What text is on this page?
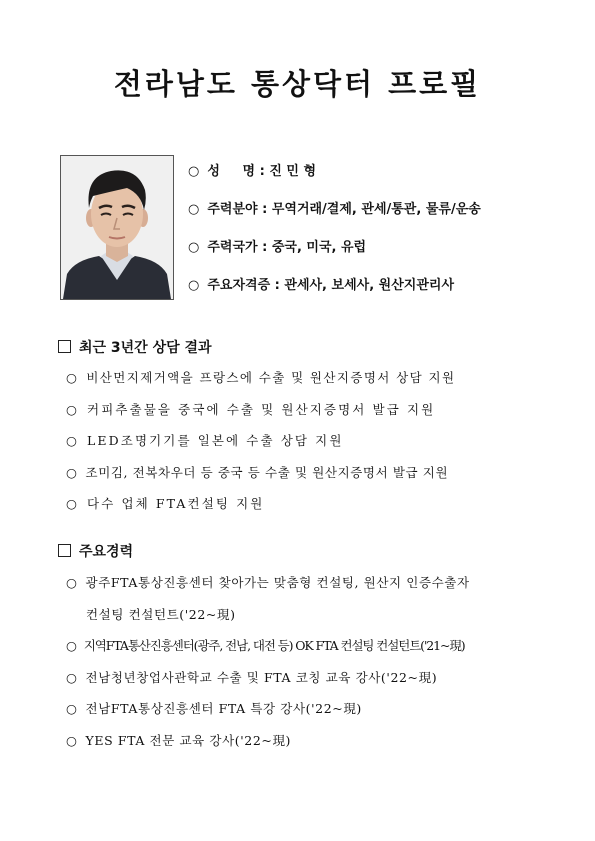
전라남도 통상닥터 프로필
○ 성     명 : 진 민 형
○ 주력분야 : 무역거래/결제, 관세/통관, 물류/운송
○ 주력국가 : 중국, 미국, 유럽
○ 주요자격증 : 관세사, 보세사, 원산지관리사
최근 3년간 상담 결과
○ 비산먼지제거액을 프랑스에 수출 및 원산지증명서 상담 지원
○ 커피추출물을 중국에 수출 및 원산지증명서 발급 지원
○ LED조명기기를 일본에 수출 상담 지원
○ 조미김, 전복차우더 등 중국 등 수출 및 원산지증명서 발급 지원
○ 다수 업체 FTA컨설팅 지원
주요경력
○ 광주FTA통상진흥센터 찾아가는 맞춤형 컨설팅, 원산지 인증수출자
컨설팅 컨설턴트('22~現)
○ 지역FTA통산진흥센터(광주, 전남, 대전 등) OK FTA 컨설팅 컨설턴트('21~現)
○ 전남청년창업사관학교 수출 및 FTA 코칭 교육 강사('22~現)
○ 전남FTA통상진흥센터 FTA 특강 강사('22~現)
○ YES FTA 전문 교육 강사('22~現)
